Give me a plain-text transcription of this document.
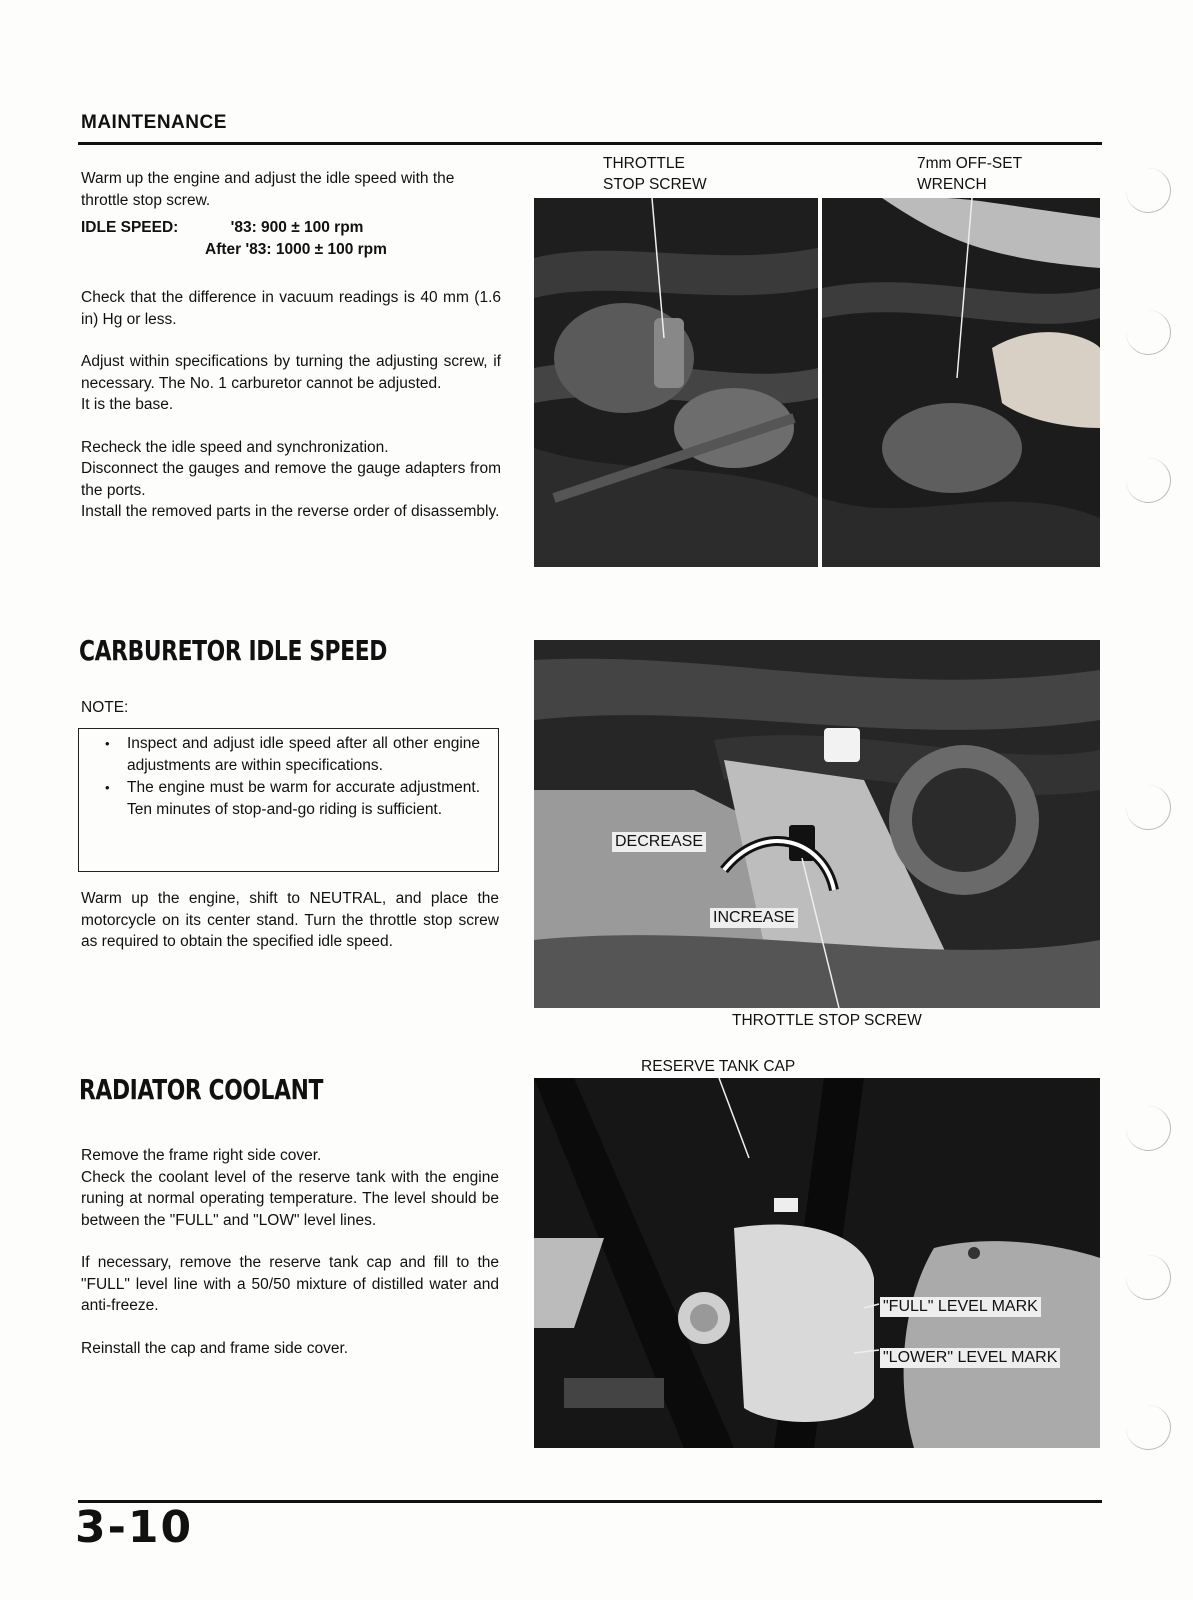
MAINTENANCE

Warm up the engine and adjust the idle speed with the throttle stop screw.

IDLE SPEED:	'83: 900 ± 100 rpm
After '83: 1000 ± 100 rpm

Check that the difference in vacuum readings is 40 mm (1.6 in) Hg or less.

Adjust within specifications by turning the adjusting screw, if necessary. The No. 1 carburetor cannot be adjusted.

It is the base.

Recheck the idle speed and synchronization.

Disconnect the gauges and remove the gauge adapters from the ports.

Install the removed parts in the reverse order of disassembly.

THROTTLE
STOP SCREW
7mm OFF-SET
WRENCH
CARBURETOR IDLE SPEED
NOTE:
• Inspect and adjust idle speed after all other engine adjustments are within specifications.
• The engine must be warm for accurate adjustment. Ten minutes of stop-and-go riding is sufficient.

Warm up the engine, shift to NEUTRAL, and place the motorcycle on its center stand. Turn the throttle stop screw as required to obtain the specified idle speed.

DECREASE
INCREASE
THROTTLE STOP SCREW
RADIATOR COOLANT

Remove the frame right side cover.

Check the coolant level of the reserve tank with the engine runing at normal operating temperature. The level should be between the "FULL" and "LOW" level lines.

If necessary, remove the reserve tank cap and fill to the "FULL" level line with a 50/50 mixture of distilled water and anti-freeze.

Reinstall the cap and frame side cover.

RESERVE TANK CAP
"FULL" LEVEL MARK
"LOWER" LEVEL MARK
3-10
